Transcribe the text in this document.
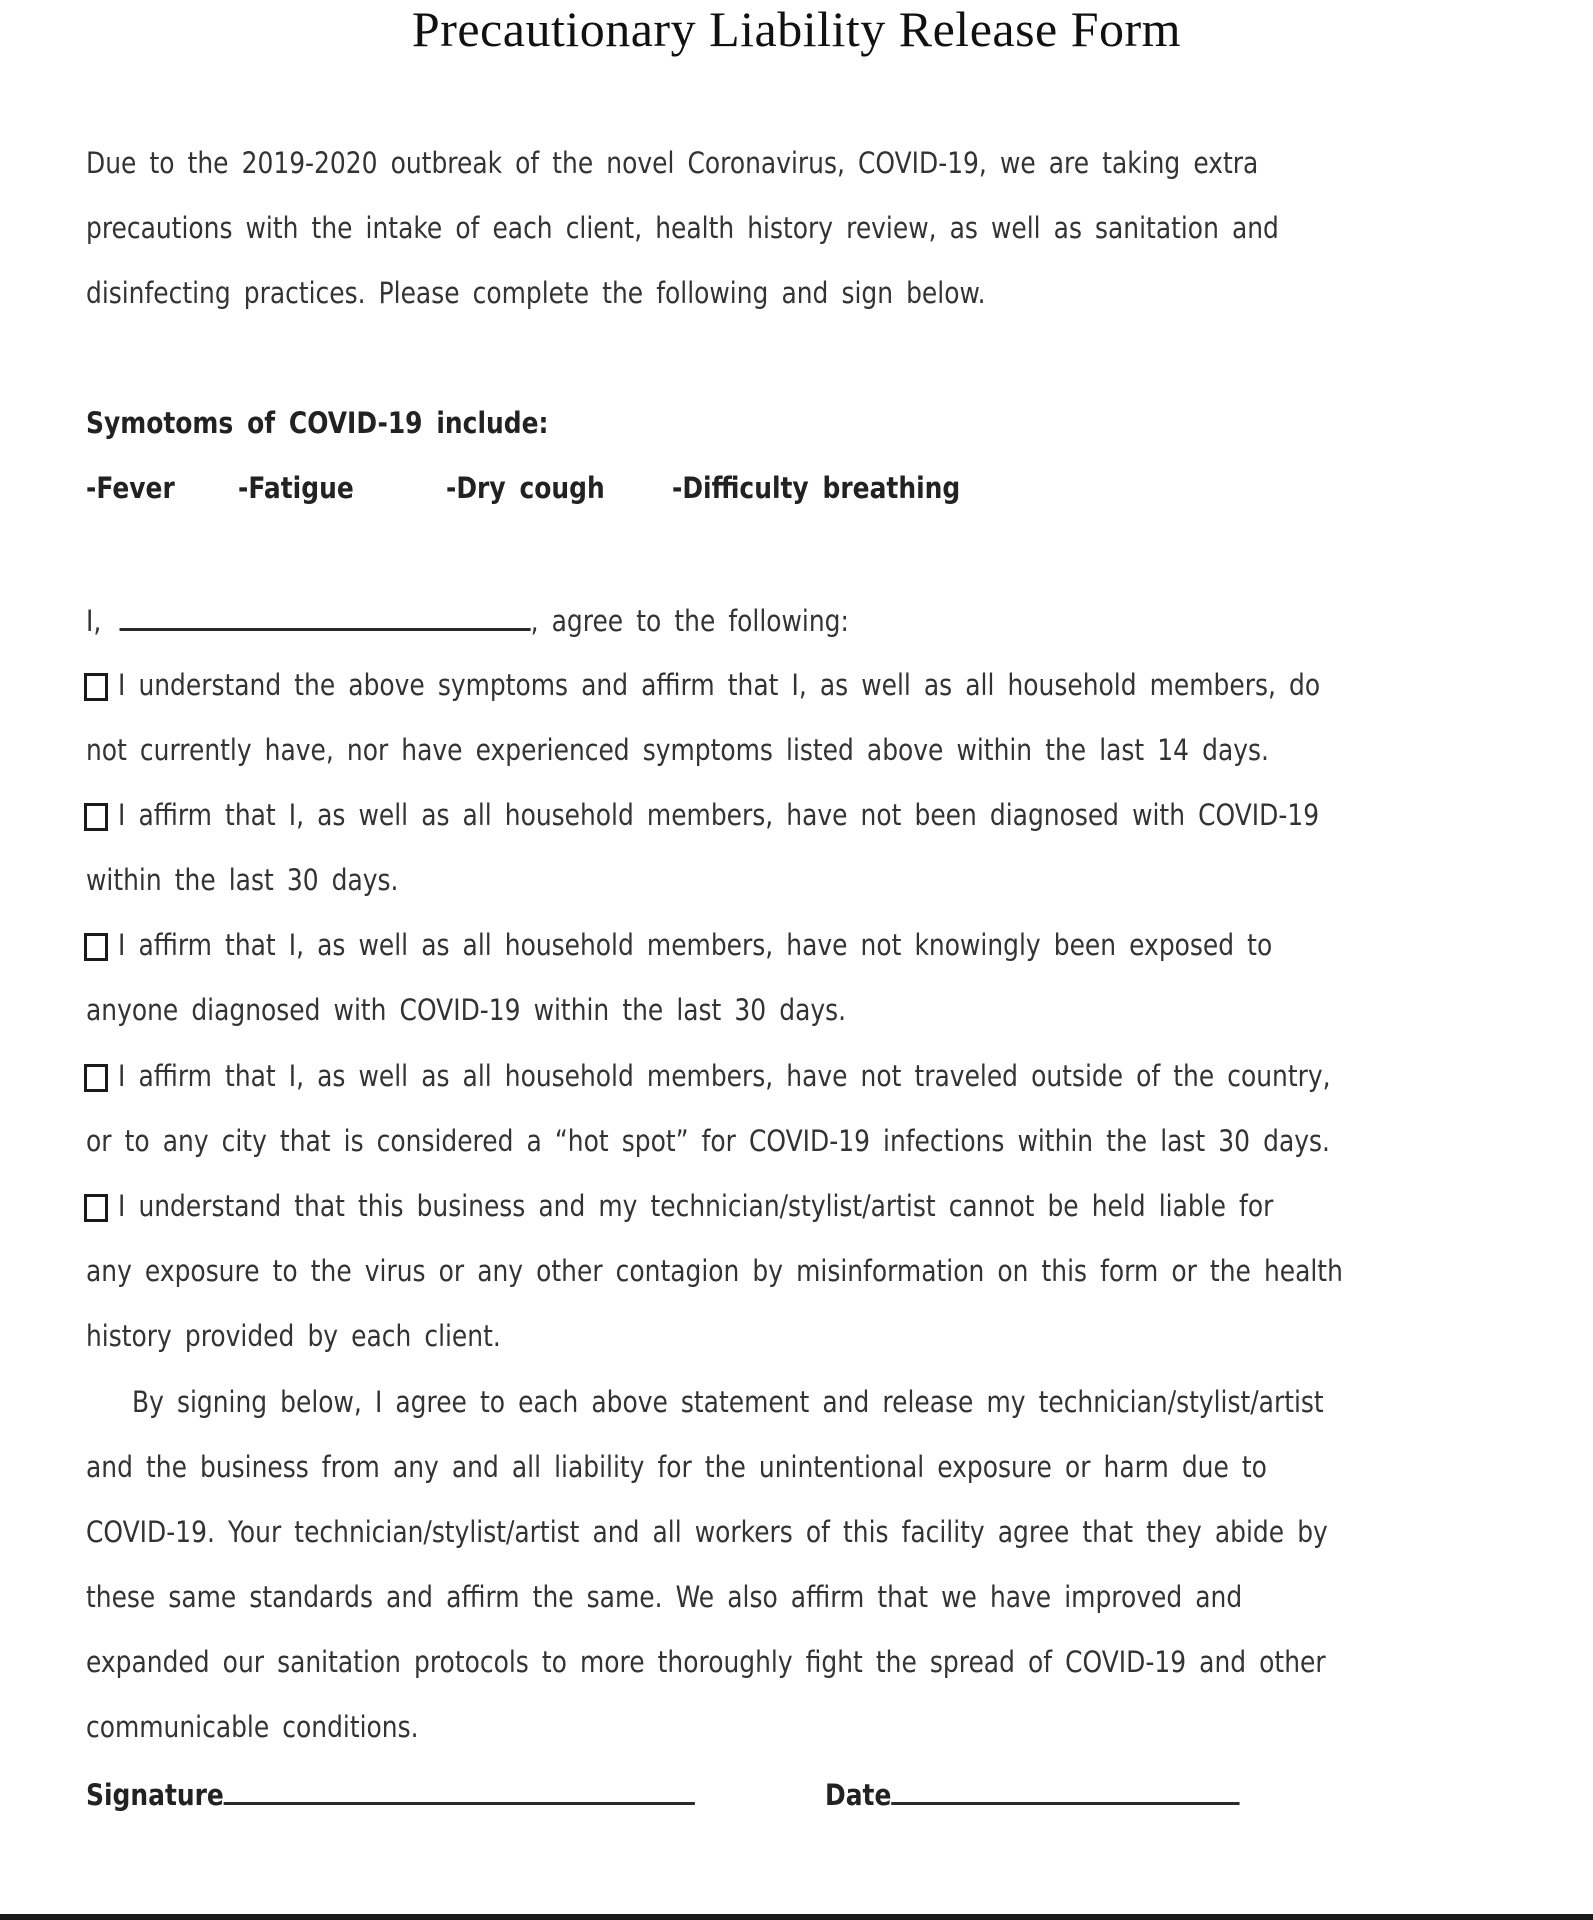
Precautionary Liability Release Form
Due to the 2019-2020 outbreak of the novel Coronavirus, COVID-19, we are taking extra
precautions with the intake of each client, health history review, as well as sanitation and
disinfecting practices. Please complete the following and sign below.
Symotoms of COVID-19 include:
-Fever	-Fatigue	-Dry cough	-Difficulty breathing
I,	, agree to the following:
I understand the above symptoms and affirm that I, as well as all household members, do
not currently have, nor have experienced symptoms listed above within the last 14 days.
I affirm that I, as well as all household members, have not been diagnosed with COVID-19
within the last 30 days.
I affirm that I, as well as all household members, have not knowingly been exposed to
anyone diagnosed with COVID-19 within the last 30 days.
I affirm that I, as well as all household members, have not traveled outside of the country,
or to any city that is considered a “hot spot” for COVID-19 infections within the last 30 days.
I understand that this business and my technician/stylist/artist cannot be held liable for
any exposure to the virus or any other contagion by misinformation on this form or the health
history provided by each client.
By signing below, I agree to each above statement and release my technician/stylist/artist
and the business from any and all liability for the unintentional exposure or harm due to
COVID-19. Your technician/stylist/artist and all workers of this facility agree that they abide by
these same standards and affirm the same. We also affirm that we have improved and
expanded our sanitation protocols to more thoroughly fight the spread of COVID-19 and other
communicable conditions.
Signature	Date
